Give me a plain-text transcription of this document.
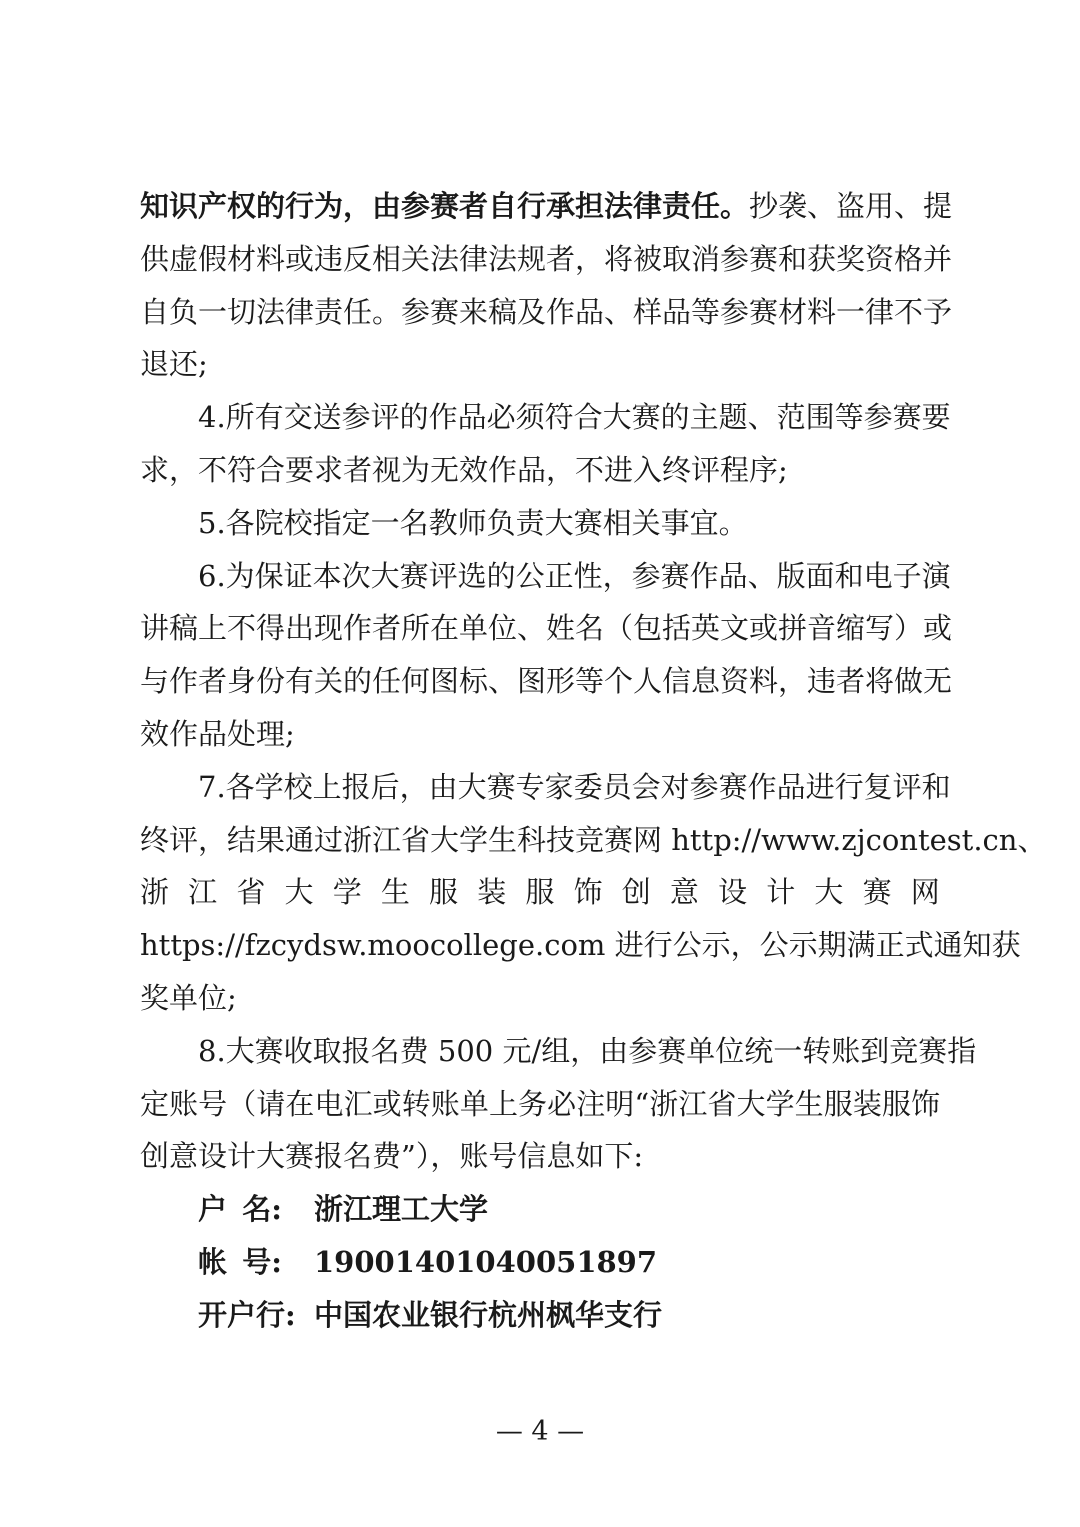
知识产权的行为，由参赛者自行承担法律责任。抄袭、盗用、提
供虚假材料或违反相关法律法规者，将被取消参赛和获奖资格并
自负一切法律责任。参赛来稿及作品、样品等参赛材料一律不予
退还;
4.所有交送参评的作品必须符合大赛的主题、范围等参赛要
求，不符合要求者视为无效作品，不进入终评程序;
5.各院校指定一名教师负责大赛相关事宜。
6.为保证本次大赛评选的公正性，参赛作品、版面和电子演
讲稿上不得出现作者所在单位、姓名（包括英文或拼音缩写）或
与作者身份有关的任何图标、图形等个人信息资料，违者将做无
效作品处理;
7.各学校上报后，由大赛专家委员会对参赛作品进行复评和
终评，结果通过浙江省大学生科技竞赛网 http://www.zjcontest.cn、
浙 江 省 大 学 生 服 装 服 饰 创 意 设 计 大 赛 网
https://fzcydsw.moocollege.com 进行公示，公示期满正式通知获
奖单位;
8.大赛收取报名费 500 元/组，由参赛单位统一转账到竞赛指
定账号（请在电汇或转账单上务必注明“浙江省大学生服装服饰
创意设计大赛报名费”），账号信息如下:
户 名: 浙江理工大学
帐 号: 19001401040051897
开户行: 中国农业银行杭州枫华支行
— 4 —
